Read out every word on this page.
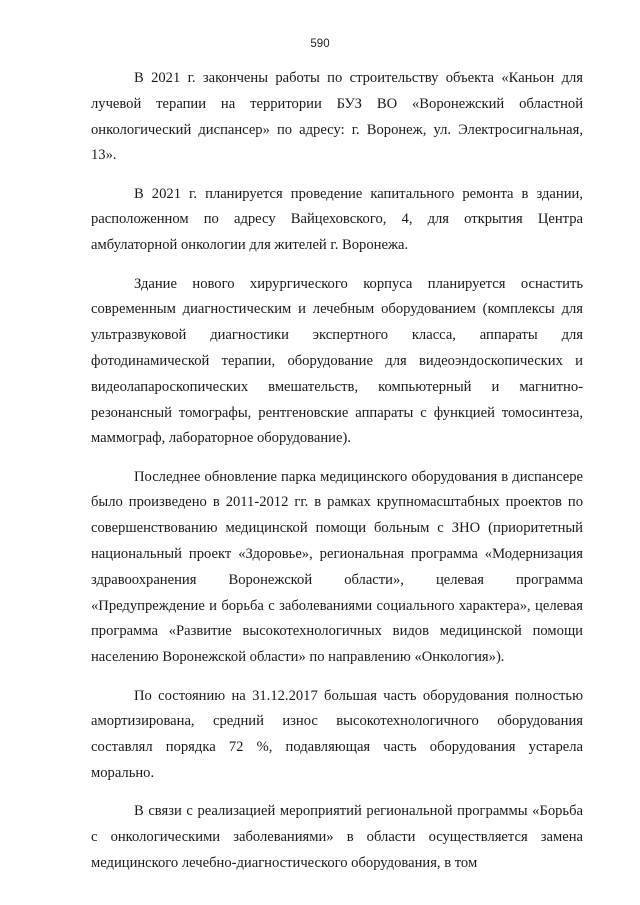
590

В 2021 г. закончены работы по строительству объекта «Каньон для лучевой терапии на территории БУЗ ВО «Воронежский областной онкологический диспансер» по адресу: г. Воронеж, ул. Электросигнальная, 13».

В 2021 г. планируется проведение капитального ремонта в здании, расположенном по адресу Вайцеховского, 4, для открытия Центра амбулаторной онкологии для жителей г. Воронежа.

Здание нового хирургического корпуса планируется оснастить современным диагностическим и лечебным оборудованием (комплексы для ультразвуковой диагностики экспертного класса, аппараты для фотодинамической терапии, оборудование для видеоэндоскопических и видеолапароскопических вмешательств, компьютерный и магнитно-резонансный томографы, рентгеновские аппараты с функцией томосинтеза, маммограф, лабораторное оборудование).

Последнее обновление парка медицинского оборудования в диспансере было произведено в 2011-2012 гг. в рамках крупномасштабных проектов по совершенствованию медицинской помощи больным с ЗНО (приоритетный национальный проект «Здоровье», региональная программа «Модернизация здравоохранения Воронежской области», целевая программа «Предупреждение и борьба с заболеваниями социального характера», целевая программа «Развитие высокотехнологичных видов медицинской помощи населению Воронежской области» по направлению «Онкология»).

По состоянию на 31.12.2017 большая часть оборудования полностью амортизирована, средний износ высокотехнологичного оборудования составлял порядка 72 %, подавляющая часть оборудования устарела морально.

В связи с реализацией мероприятий региональной программы «Борьба с онкологическими заболеваниями» в области осуществляется замена медицинского лечебно-диагностического оборудования, в том
